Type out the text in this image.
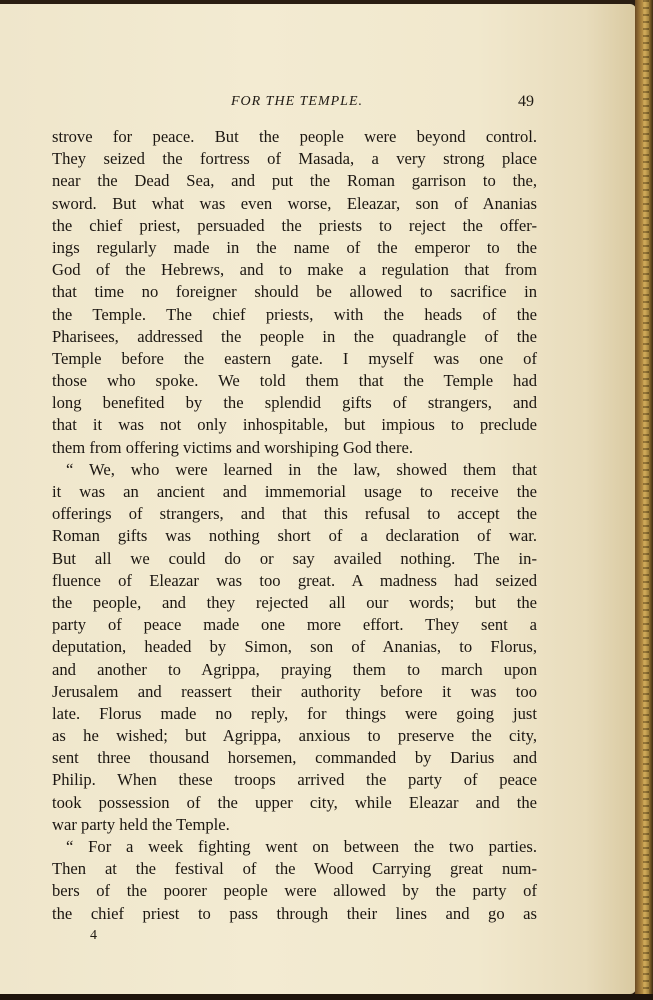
FOR THE TEMPLE.	49
strove for peace. But the people were beyond control.
They seized the fortress of Masada, a very strong place
near the Dead Sea, and put the Roman garrison to the,
sword. But what was even worse, Eleazar, son of Ananias
the chief priest, persuaded the priests to reject the offer-
ings regularly made in the name of the emperor to the
God of the Hebrews, and to make a regulation that from
that time no foreigner should be allowed to sacrifice in
the Temple. The chief priests, with the heads of the
Pharisees, addressed the people in the quadrangle of the
Temple before the eastern gate. I myself was one of
those who spoke. We told them that the Temple had
long benefited by the splendid gifts of strangers, and
that it was not only inhospitable, but impious to preclude
them from offering victims and worshiping God there.
“ We, who were learned in the law, showed them that
it was an ancient and immemorial usage to receive the
offerings of strangers, and that this refusal to accept the
Roman gifts was nothing short of a declaration of war.
But all we could do or say availed nothing. The in-
fluence of Eleazar was too great. A madness had seized
the people, and they rejected all our words; but the
party of peace made one more effort. They sent a
deputation, headed by Simon, son of Ananias, to Florus,
and another to Agrippa, praying them to march upon
Jerusalem and reassert their authority before it was too
late. Florus made no reply, for things were going just
as he wished; but Agrippa, anxious to preserve the city,
sent three thousand horsemen, commanded by Darius and
Philip. When these troops arrived the party of peace
took possession of the upper city, while Eleazar and the
war party held the Temple.
“ For a week fighting went on between the two parties.
Then at the festival of the Wood Carrying great num-
bers of the poorer people were allowed by the party of
the chief priest to pass through their lines and go as
4
